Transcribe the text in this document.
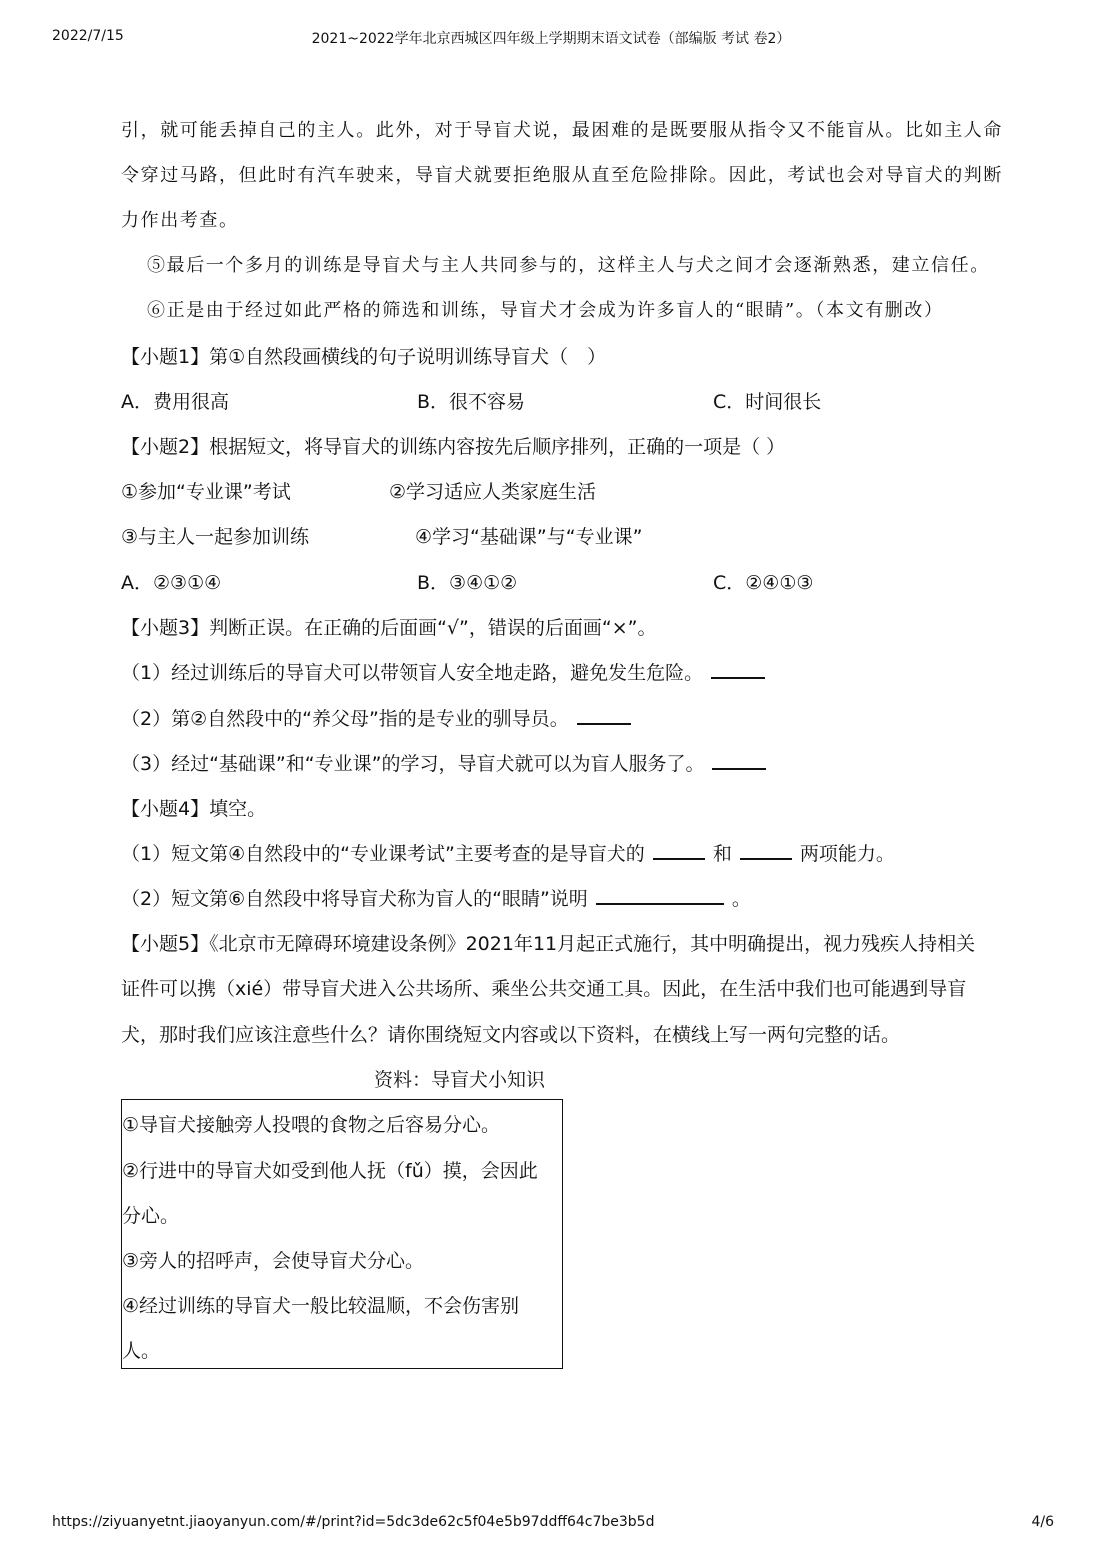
2022/7/15	2021~2022学年北京西城区四年级上学期期末语文试卷（部编版 考试 卷2）
引，就可能丢掉自己的主人。此外，对于导盲犬说，最困难的是既要服从指令又不能盲从。比如主人命
令穿过马路，但此时有汽车驶来，导盲犬就要拒绝服从直至危险排除。因此，考试也会对导盲犬的判断
力作出考查。
⑤最后一个多月的训练是导盲犬与主人共同参与的，这样主人与犬之间才会逐渐熟悉，建立信任。
⑥正是由于经过如此严格的筛选和训练，导盲犬才会成为许多盲人的“眼睛”。（本文有删改）
【小题1】第①自然段画横线的句子说明训练导盲犬（　）
A．费用很高	B．很不容易	C．时间很长
【小题2】根据短文，将导盲犬的训练内容按先后顺序排列，正确的一项是（ ）
①参加“专业课”考试	②学习适应人类家庭生活
③与主人一起参加训练	④学习“基础课”与“专业课”
A．②③①④	B．③④①②	C．②④①③
【小题3】判断正误。在正确的后面画“√”，错误的后面画“×”。
（1）经过训练后的导盲犬可以带领盲人安全地走路，避免发生危险。
（2）第②自然段中的“养父母”指的是专业的驯导员。
（3）经过“基础课”和“专业课”的学习，导盲犬就可以为盲人服务了。
【小题4】填空。
（1）短文第④自然段中的“专业课考试”主要考查的是导盲犬的	和	两项能力。
（2）短文第⑥自然段中将导盲犬称为盲人的“眼睛”说明	。
【小题5】《北京市无障碍环境建设条例》2021年11月起正式施行，其中明确提出，视力残疾人持相关
证件可以携（xié）带导盲犬进入公共场所、乘坐公共交通工具。因此，在生活中我们也可能遇到导盲
犬，那时我们应该注意些什么？请你围绕短文内容或以下资料，在横线上写一两句完整的话。
资料：导盲犬小知识
①导盲犬接触旁人投喂的食物之后容易分心。
②行进中的导盲犬如受到他人抚（fǔ）摸，会因此
分心。
③旁人的招呼声，会使导盲犬分心。
④经过训练的导盲犬一般比较温顺，不会伤害别
人。
https://ziyuanyetnt.jiaoyanyun.com/#/print?id=5dc3de62c5f04e5b97ddff64c7be3b5d	4/6
